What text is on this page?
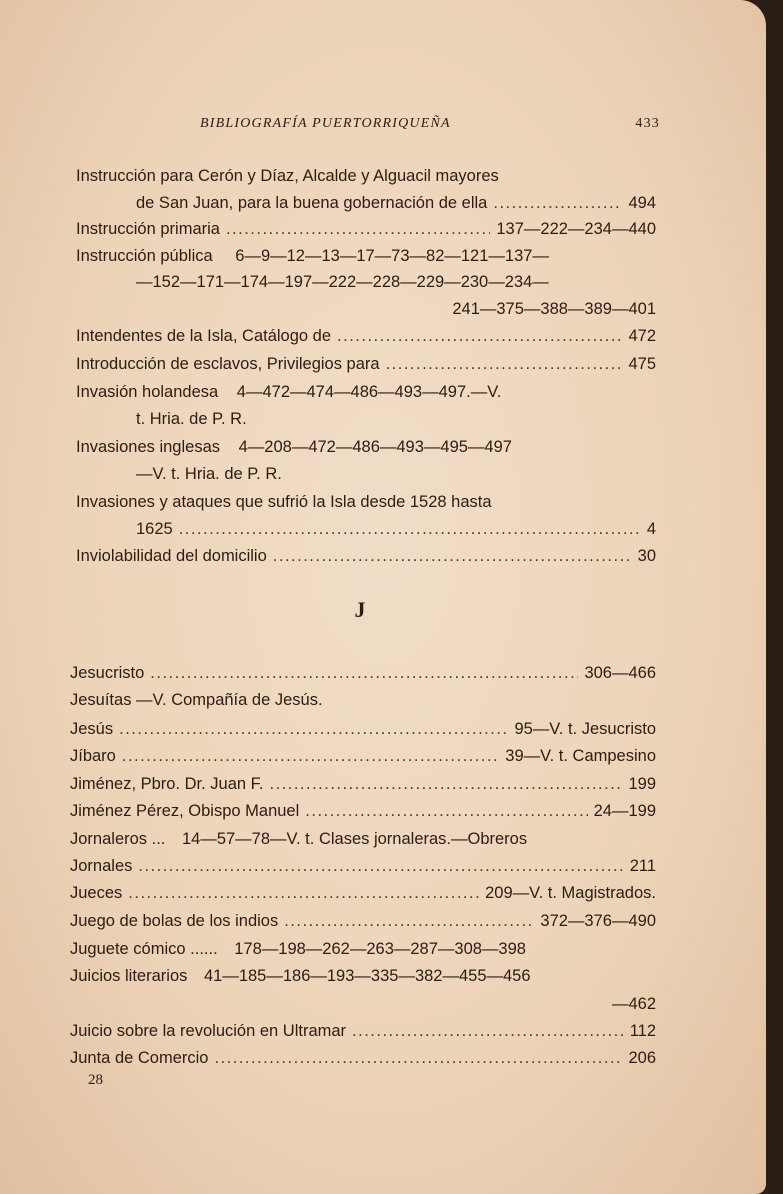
BIBLIOGRAFÍA PUERTORRIQUEÑA	433
Instrucción para Cerón y Díaz, Alcalde y Alguacil mayores
de San Juan, para la buena gobernación de ella .....	494
Instrucción primaria .....	137—222—234—440
Instrucción pública 6—9—12—13—17—73—82—121—137—
—152—171—174—197—222—228—229—230—234—
241—375—388—389—401
Intendentes de la Isla, Catálogo de .....	472
Introducción de esclavos, Privilegios para .....	475
Invasión holandesa 4—472—474—486—493—497.—V.
t. Hria. de P. R.
Invasiones inglesas 4—208—472—486—493—495—497
—V. t. Hria. de P. R.
Invasiones y ataques que sufrió la Isla desde 1528 hasta
1625 .....	4
Inviolabilidad del domicilio .....	30
J
Jesucristo .....	306—466
Jesuítas —V. Compañía de Jesús.
Jesús .....	95—V. t. Jesucristo
Jíbaro .....	39—V. t. Campesino
Jiménez, Pbro. Dr. Juan F. .....	199
Jiménez Pérez, Obispo Manuel .....	24—199
Jornaleros ... 14—57—78—V. t. Clases jornaleras.—Obreros
Jornales .....	211
Jueces .....	209—V. t. Magistrados.
Juego de bolas de los indios .....	372—376—490
Juguete cómico ...... 178—198—262—263—287—308—398
Juicios literarios 41—185—186—193—335—382—455—456
—462
Juicio sobre la revolución en Ultramar .....	112
Junta de Comercio .....	206
28
